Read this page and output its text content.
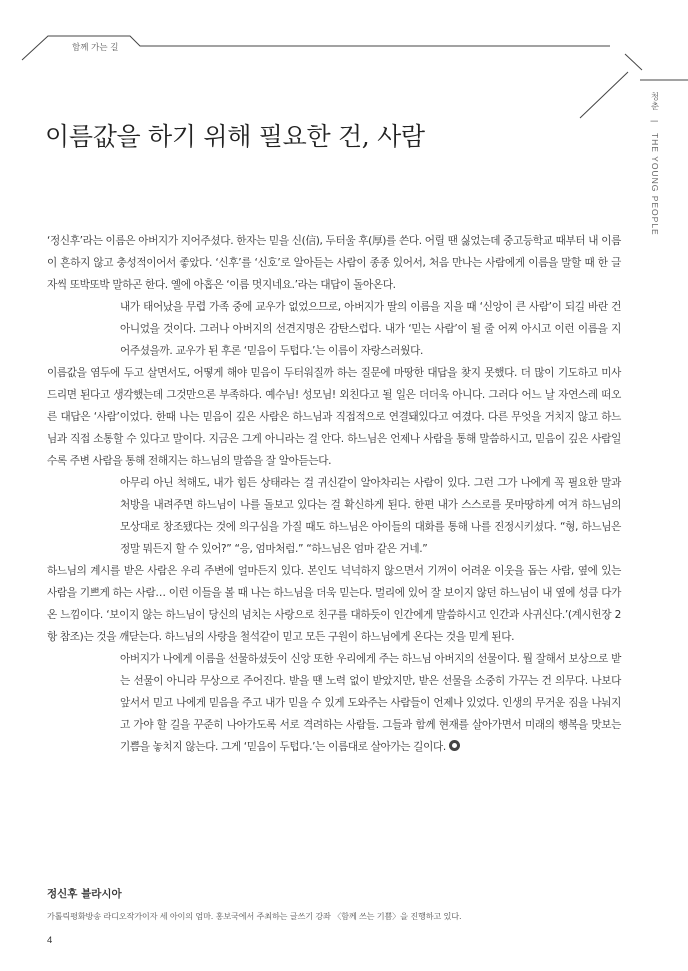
함께 가는 길
청춘 | THE YOUNG PEOPLE
이름값을 하기 위해 필요한 건, 사람

‘정신후’라는 이름은 아버지가 지어주셨다. 한자는 믿을 신(信), 두터울 후(厚)를 쓴다. 어릴 땐 싫었는데 중고등학교 때부터 내 이름이 흔하지 않고 충성적이어서 좋았다. ‘신후’를 ‘신호’로 알아듣는 사람이 종종 있어서, 처음 만나는 사람에게 이름을 말할 때 한 글자씩 또박또박 말하곤 한다. 옐에 아홉은 ‘이름 멋지네요.’라는 대답이 돌아온다.

내가 태어났을 무렵 가족 중에 교우가 없었으므로, 아버지가 딸의 이름을 지을 때 ‘신앙이 큰 사람’이 되길 바란 건 아니었을 것이다. 그러나 아버지의 선견지명은 감탄스럽다. 내가 ‘믿는 사람’이 될 줄 어찌 아시고 이런 이름을 지어주셨을까. 교우가 된 후론 ‘믿음이 두텁다.’는 이름이 자랑스러웠다.

이름값을 염두에 두고 살면서도, 어떻게 해야 믿음이 두터워질까 하는 질문에 마땅한 대답을 찾지 못했다. 더 많이 기도하고 미사 드리면 된다고 생각했는데 그것만으론 부족하다. 예수님! 성모님! 외친다고 될 일은 더더욱 아니다. 그러다 어느 날 자연스레 떠오른 대답은 ‘사람’이었다. 한때 나는 믿음이 깊은 사람은 하느님과 직접적으로 연결돼있다고 여겼다. 다른 무엇을 거치지 않고 하느님과 직접 소통할 수 있다고 말이다. 지금은 그게 아니라는 걸 안다. 하느님은 언제나 사람을 통해 말씀하시고, 믿음이 깊은 사람일수록 주변 사람을 통해 전해지는 하느님의 말씀을 잘 알아듣는다.

아무리 아닌 척해도, 내가 힘든 상태라는 걸 귀신같이 알아차리는 사람이 있다. 그런 그가 나에게 꼭 필요한 말과 처방을 내려주면 하느님이 나를 돌보고 있다는 걸 확신하게 된다. 한편 내가 스스로를 못마땅하게 여겨 하느님의 모상대로 창조됐다는 것에 의구심을 가질 때도 하느님은 아이들의 대화를 통해 나를 진정시키셨다. “형, 하느님은 정말 뭐든지 할 수 있어?” “응, 엄마처럼.” “하느님은 엄마 같은 거네.”

하느님의 계시를 받은 사람은 우리 주변에 얼마든지 있다. 본인도 넉넉하지 않으면서 기꺼이 어려운 이웃을 돕는 사람, 옆에 있는 사람을 기쁘게 하는 사람… 이런 이들을 볼 때 나는 하느님을 더욱 믿는다. 멀리에 있어 잘 보이지 않던 하느님이 내 옆에 성큼 다가온 느낌이다. ‘보이지 않는 하느님이 당신의 넘치는 사랑으로 친구를 대하듯이 인간에게 말씀하시고 인간과 사귀신다.’(계시헌장 2항 참조)는 것을 깨닫는다. 하느님의 사랑을 철석같이 믿고 모든 구원이 하느님에게 온다는 것을 믿게 된다.

아버지가 나에게 이름을 선물하셨듯이 신앙 또한 우리에게 주는 하느님 아버지의 선물이다. 뭘 잘해서 보상으로 받는 선물이 아니라 무상으로 주어진다. 받을 땐 노력 없이 받았지만, 받은 선물을 소중히 가꾸는 건 의무다. 나보다 앞서서 믿고 나에게 믿음을 주고 내가 믿을 수 있게 도와주는 사람들이 언제나 있었다. 인생의 무거운 짐을 나눠지고 가야 할 길을 꾸준히 나아가도록 서로 격려하는 사람들. 그들과 함께 현재를 살아가면서 미래의 행복을 맛보는 기쁨을 놓치지 않는다. 그게 ‘믿음이 두텁다.’는 이름대로 살아가는 길이다.

정신후 블라시아

가톨릭평화방송 라디오작가이자 세 아이의 엄마. 홍보국에서 주최하는 글쓰기 강좌 〈함께 쓰는 기쁨〉을 진행하고 있다.
4
